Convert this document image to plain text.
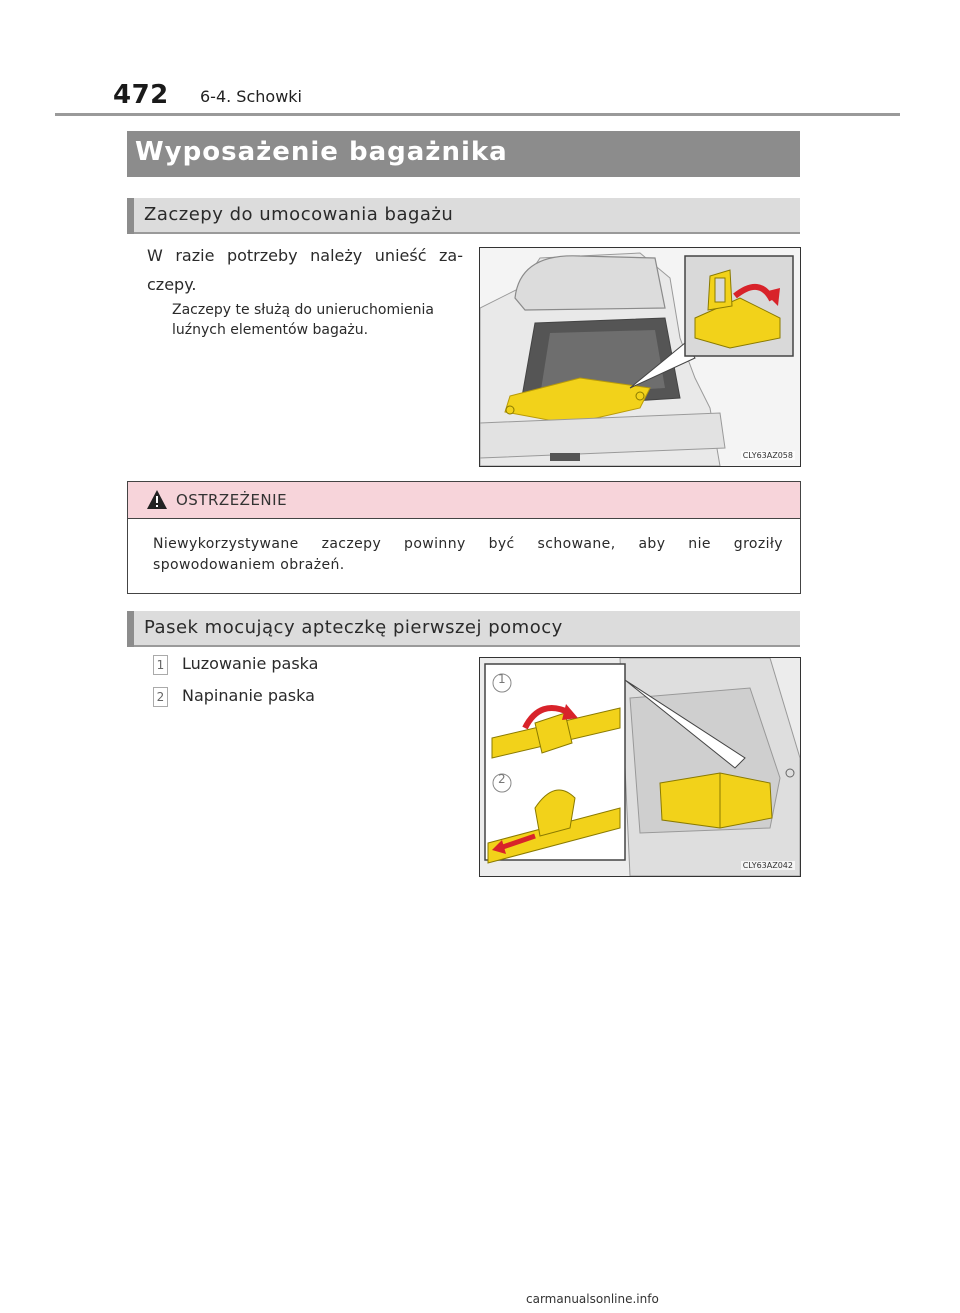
472 6-4. Schowki
Wyposażenie bagażnika
Zaczepy do umocowania bagażu
W razie potrzeby należy unieść za-
czepy.
Zaczepy te służą do unieruchomienia
luźnych elementów bagażu.
CLY63AZ058
OSTRZEŻENIE
Niewykorzystywane zaczepy powinny być schowane, aby nie groziły
spowodowaniem obrażeń.
Pasek mocujący apteczkę pierwszej pomocy
1 Luzowanie paska
2 Napinanie paska
1
2
CLY63AZ042
carmanualsonline.info
